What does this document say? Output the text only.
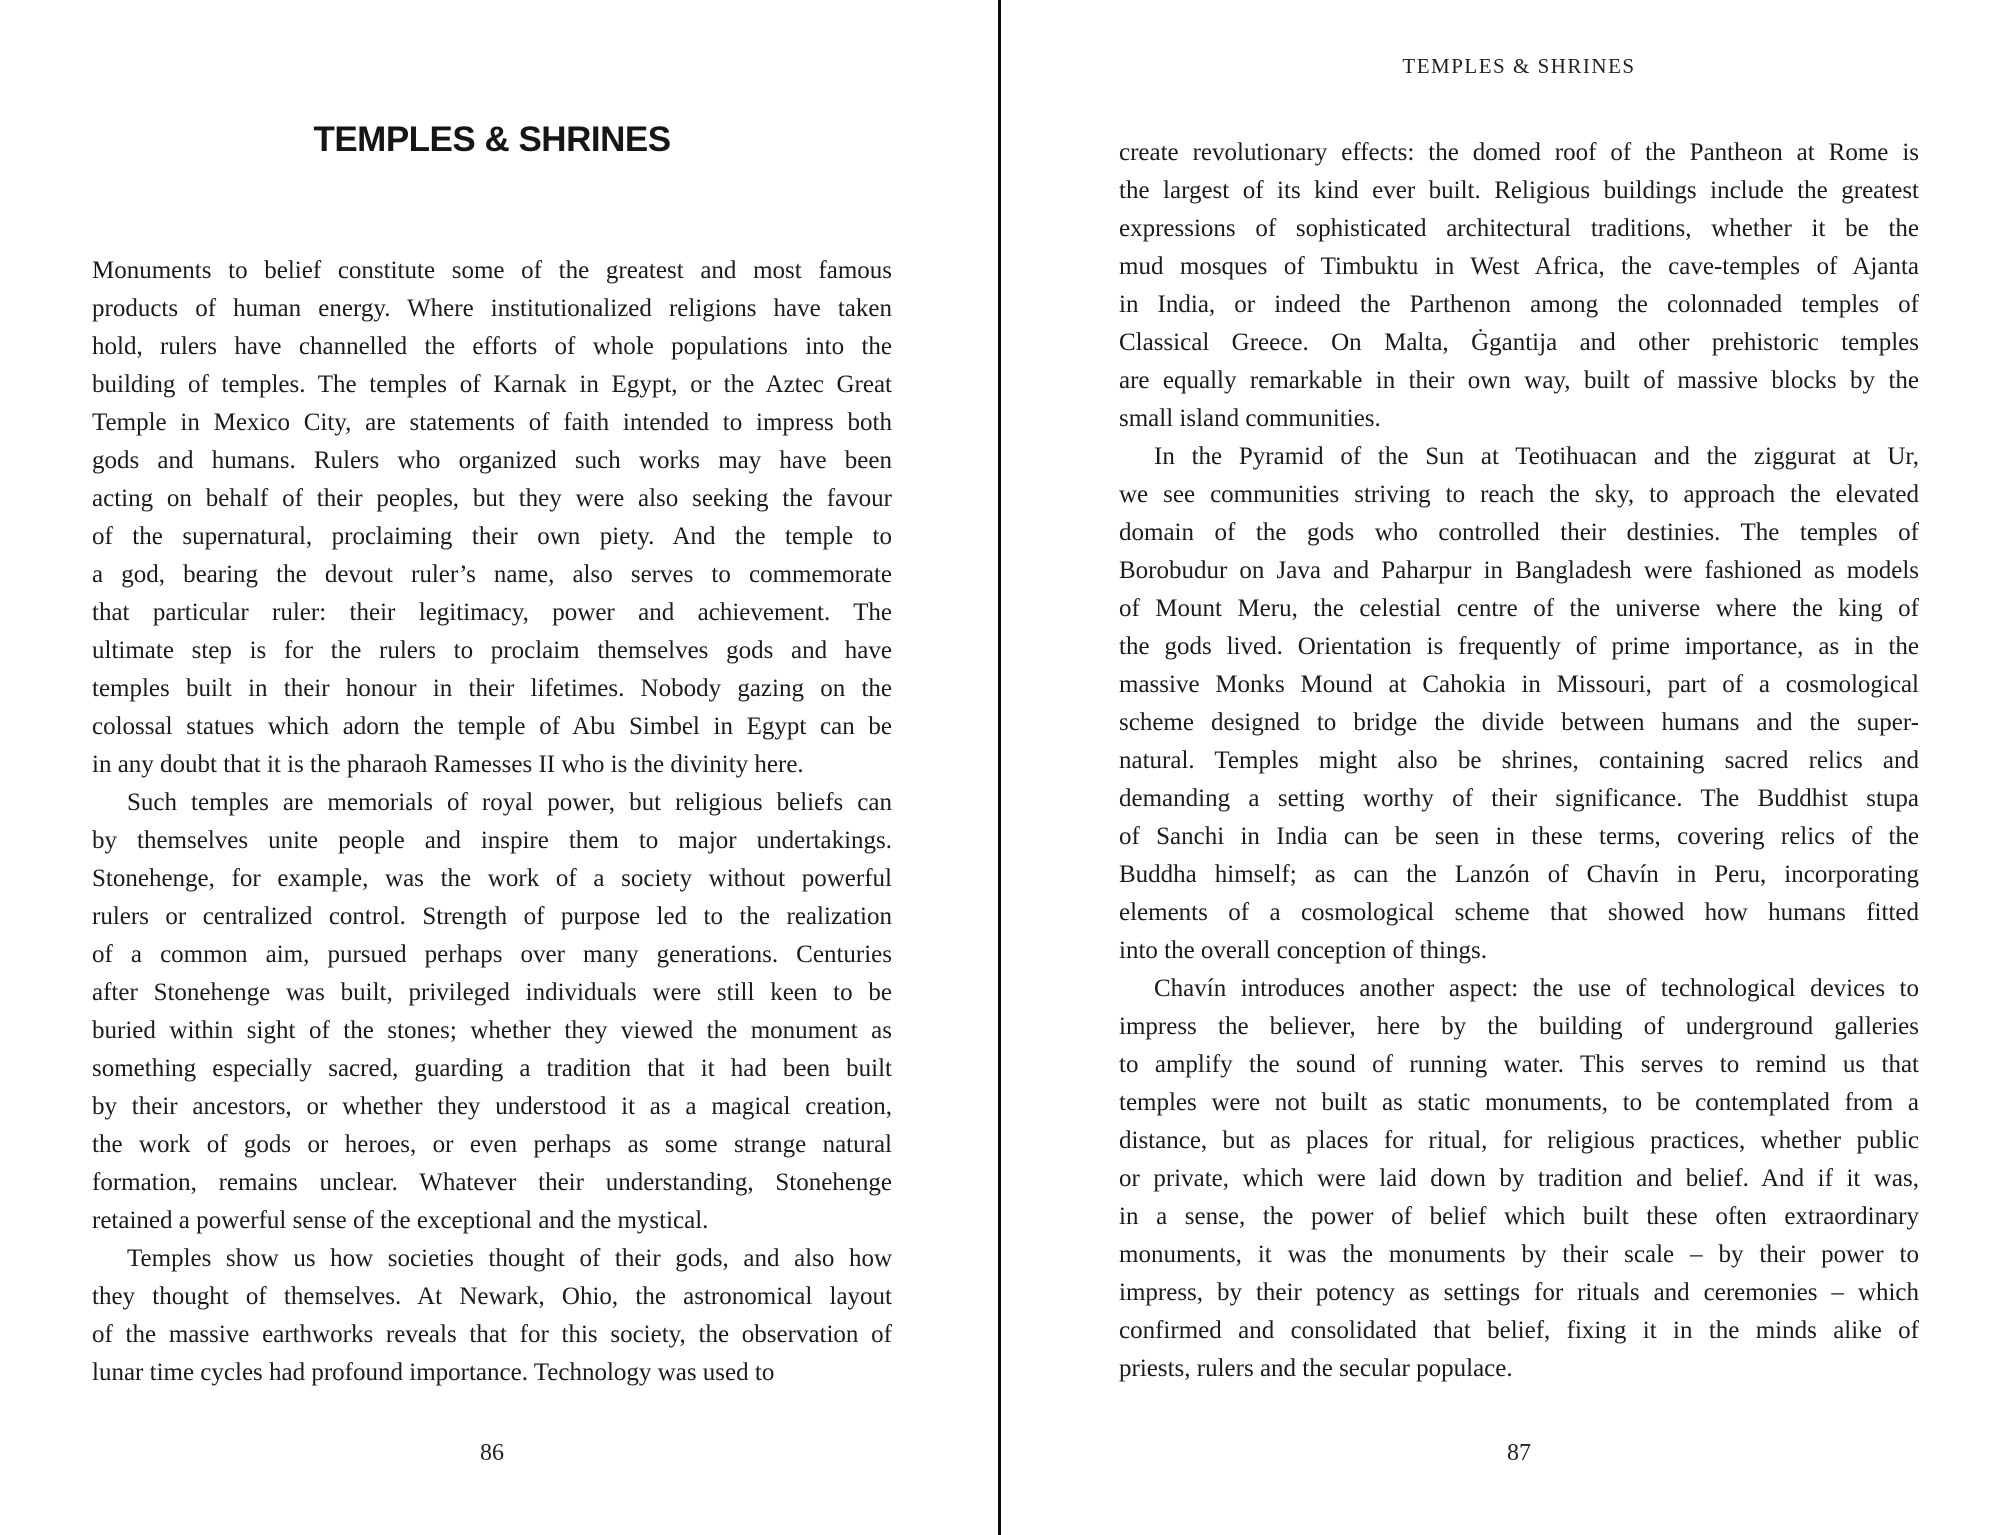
TEMPLES & SHRINES
Monuments to belief constitute some of the greatest and most famous
products of human energy. Where institutionalized religions have taken
hold, rulers have channelled the efforts of whole populations into the
building of temples. The temples of Karnak in Egypt, or the Aztec Great
Temple in Mexico City, are statements of faith intended to impress both
gods and humans. Rulers who organized such works may have been
acting on behalf of their peoples, but they were also seeking the favour
of the supernatural, proclaiming their own piety. And the temple to
a god, bearing the devout ruler’s name, also serves to commemorate
that particular ruler: their legitimacy, power and achievement. The
ultimate step is for the rulers to proclaim themselves gods and have
temples built in their honour in their lifetimes. Nobody gazing on the
colossal statues which adorn the temple of Abu Simbel in Egypt can be
in any doubt that it is the pharaoh Ramesses II who is the divinity here.
Such temples are memorials of royal power, but religious beliefs can
by themselves unite people and inspire them to major undertakings.
Stonehenge, for example, was the work of a society without powerful
rulers or centralized control. Strength of purpose led to the realization
of a common aim, pursued perhaps over many generations. Centuries
after Stonehenge was built, privileged individuals were still keen to be
buried within sight of the stones; whether they viewed the monument as
something especially sacred, guarding a tradition that it had been built
by their ancestors, or whether they understood it as a magical creation,
the work of gods or heroes, or even perhaps as some strange natural
formation, remains unclear. Whatever their understanding, Stonehenge
retained a powerful sense of the exceptional and the mystical.
Temples show us how societies thought of their gods, and also how
they thought of themselves. At Newark, Ohio, the astronomical layout
of the massive earthworks reveals that for this society, the observation of
lunar time cycles had profound importance. Technology was used to
86
TEMPLES & SHRINES
create revolutionary effects: the domed roof of the Pantheon at Rome is
the largest of its kind ever built. Religious buildings include the greatest
expressions of sophisticated architectural traditions, whether it be the
mud mosques of Timbuktu in West Africa, the cave-temples of Ajanta
in India, or indeed the Parthenon among the colonnaded temples of
Classical Greece. On Malta, Ġgantija and other prehistoric temples
are equally remarkable in their own way, built of massive blocks by the
small island communities.
In the Pyramid of the Sun at Teotihuacan and the ziggurat at Ur,
we see communities striving to reach the sky, to approach the elevated
domain of the gods who controlled their destinies. The temples of
Borobudur on Java and Paharpur in Bangladesh were fashioned as models
of Mount Meru, the celestial centre of the universe where the king of
the gods lived. Orientation is frequently of prime importance, as in the
massive Monks Mound at Cahokia in Missouri, part of a cosmological
scheme designed to bridge the divide between humans and the super-
natural. Temples might also be shrines, containing sacred relics and
demanding a setting worthy of their significance. The Buddhist stupa
of Sanchi in India can be seen in these terms, covering relics of the
Buddha himself; as can the Lanzón of Chavín in Peru, incorporating
elements of a cosmological scheme that showed how humans fitted
into the overall conception of things.
Chavín introduces another aspect: the use of technological devices to
impress the believer, here by the building of underground galleries
to amplify the sound of running water. This serves to remind us that
temples were not built as static monuments, to be contemplated from a
distance, but as places for ritual, for religious practices, whether public
or private, which were laid down by tradition and belief. And if it was,
in a sense, the power of belief which built these often extraordinary
monuments, it was the monuments by their scale – by their power to
impress, by their potency as settings for rituals and ceremonies – which
confirmed and consolidated that belief, fixing it in the minds alike of
priests, rulers and the secular populace.
87
